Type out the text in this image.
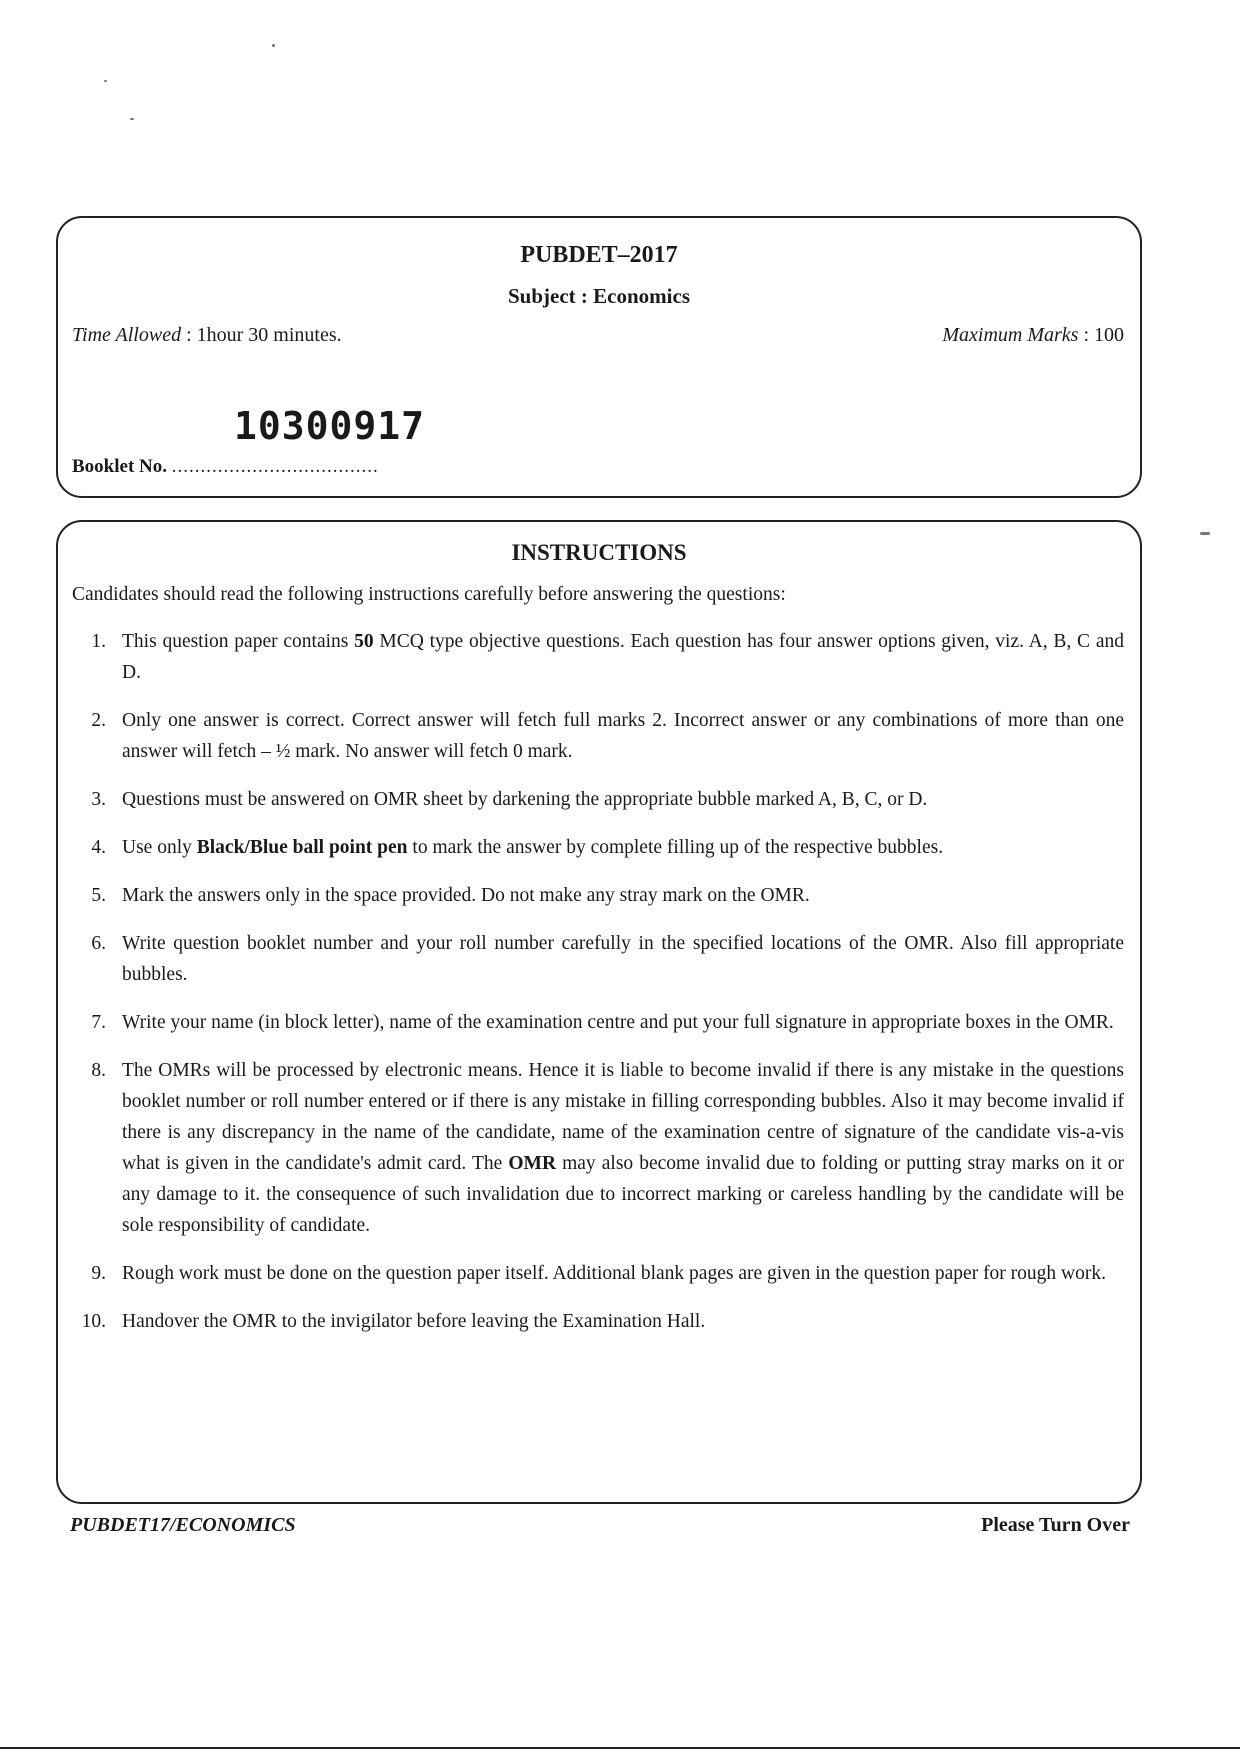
PUBDET–2017
Subject : Economics
Time Allowed : 1hour 30 minutes.	Maximum Marks : 100
10300917
Booklet No. ....................................
INSTRUCTIONS
Candidates should read the following instructions carefully before answering the questions:
1. This question paper contains 50 MCQ type objective questions. Each question has four answer options given, viz. A, B, C and D.
2. Only one answer is correct. Correct answer will fetch full marks 2. Incorrect answer or any combinations of more than one answer will fetch – ½ mark. No answer will fetch 0 mark.
3. Questions must be answered on OMR sheet by darkening the appropriate bubble marked A, B, C, or D.
4. Use only Black/Blue ball point pen to mark the answer by complete filling up of the respective bubbles.
5. Mark the answers only in the space provided. Do not make any stray mark on the OMR.
6. Write question booklet number and your roll number carefully in the specified locations of the OMR. Also fill appropriate bubbles.
7. Write your name (in block letter), name of the examination centre and put your full signature in appropriate boxes in the OMR.
8. The OMRs will be processed by electronic means. Hence it is liable to become invalid if there is any mistake in the questions booklet number or roll number entered or if there is any mistake in filling corresponding bubbles. Also it may become invalid if there is any discrepancy in the name of the candidate, name of the examination centre of signature of the candidate vis-a-vis what is given in the candidate's admit card. The OMR may also become invalid due to folding or putting stray marks on it or any damage to it. the consequence of such invalidation due to incorrect marking or careless handling by the candidate will be sole responsibility of candidate.
9. Rough work must be done on the question paper itself. Additional blank pages are given in the question paper for rough work.
10. Handover the OMR to the invigilator before leaving the Examination Hall.
PUBDET17/ECONOMICS	Please Turn Over
